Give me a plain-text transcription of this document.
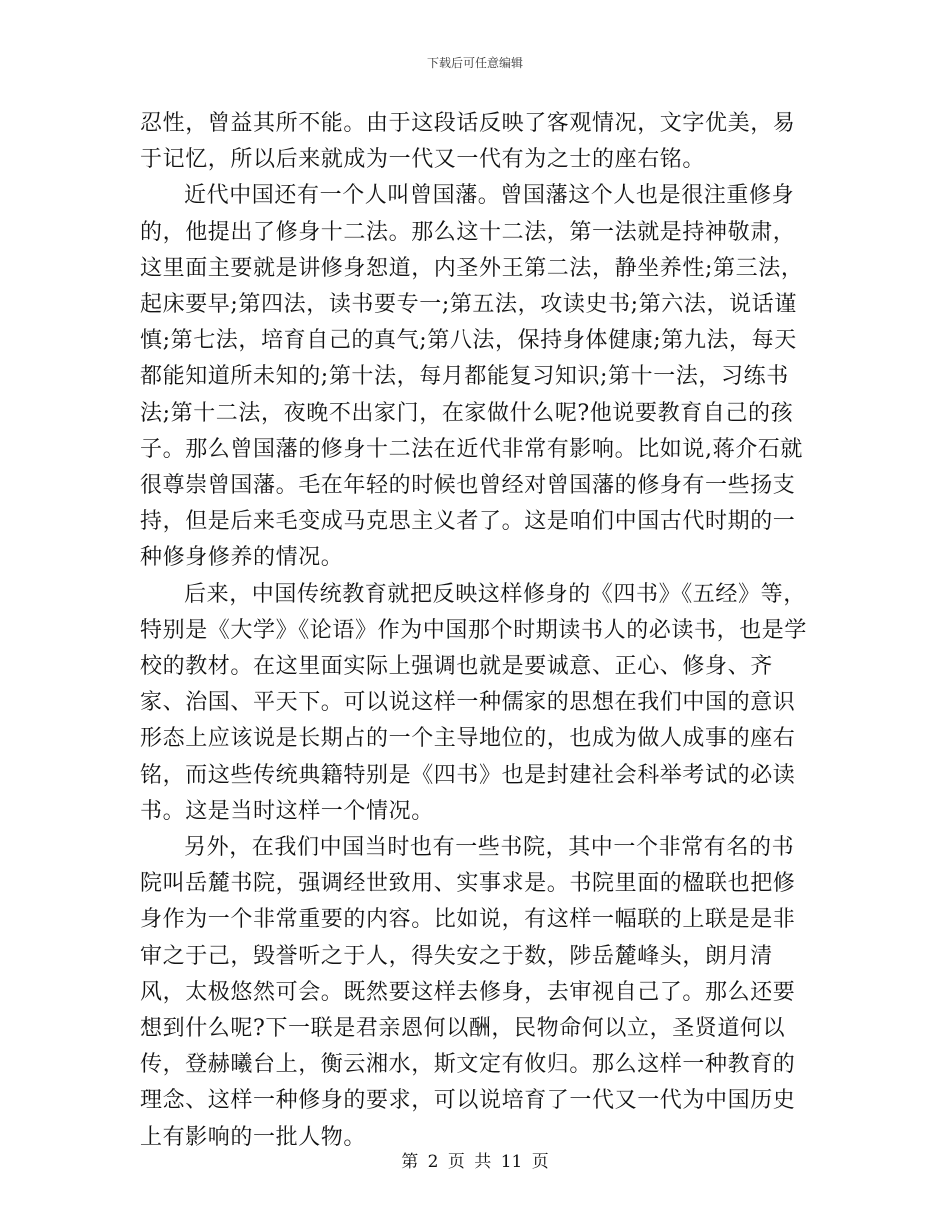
下载后可任意编辑

忍性，曾益其所不能。由于这段话反映了客观情况，文字优美，易于记忆，所以后来就成为一代又一代有为之士的座右铭。

近代中国还有一个人叫曾国藩。曾国藩这个人也是很注重修身的，他提出了修身十二法。那么这十二法，第一法就是持神敬肃，这里面主要就是讲修身恕道，内圣外王第二法，静坐养性;第三法，起床要早;第四法，读书要专一;第五法，攻读史书;第六法，说话谨慎;第七法，培育自己的真气;第八法，保持身体健康;第九法，每天都能知道所未知的;第十法，每月都能复习知识;第十一法，习练书法;第十二法，夜晚不出家门，在家做什么呢?他说要教育自己的孩子。那么曾国藩的修身十二法在近代非常有影响。比如说,蒋介石就很尊崇曾国藩。毛在年轻的时候也曾经对曾国藩的修身有一些扬支持，但是后来毛变成马克思主义者了。这是咱们中国古代时期的一种修身修养的情况。

后来，中国传统教育就把反映这样修身的《四书》《五经》等，特别是《大学》《论语》作为中国那个时期读书人的必读书，也是学校的教材。在这里面实际上强调也就是要诚意、正心、修身、齐家、治国、平天下。可以说这样一种儒家的思想在我们中国的意识形态上应该说是长期占的一个主导地位的，也成为做人成事的座右铭，而这些传统典籍特别是《四书》也是封建社会科举考试的必读书。这是当时这样一个情况。

另外，在我们中国当时也有一些书院，其中一个非常有名的书院叫岳麓书院，强调经世致用、实事求是。书院里面的楹联也把修身作为一个非常重要的内容。比如说，有这样一幅联的上联是是非审之于己，毁誉听之于人，得失安之于数，陟岳麓峰头，朗月清风，太极悠然可会。既然要这样去修身，去审视自己了。那么还要想到什么呢?下一联是君亲恩何以酬，民物命何以立，圣贤道何以传，登赫曦台上，衡云湘水，斯文定有攸归。那么这样一种教育的理念、这样一种修身的要求，可以说培育了一代又一代为中国历史上有影响的一批人物。

第 2 页 共 11 页
